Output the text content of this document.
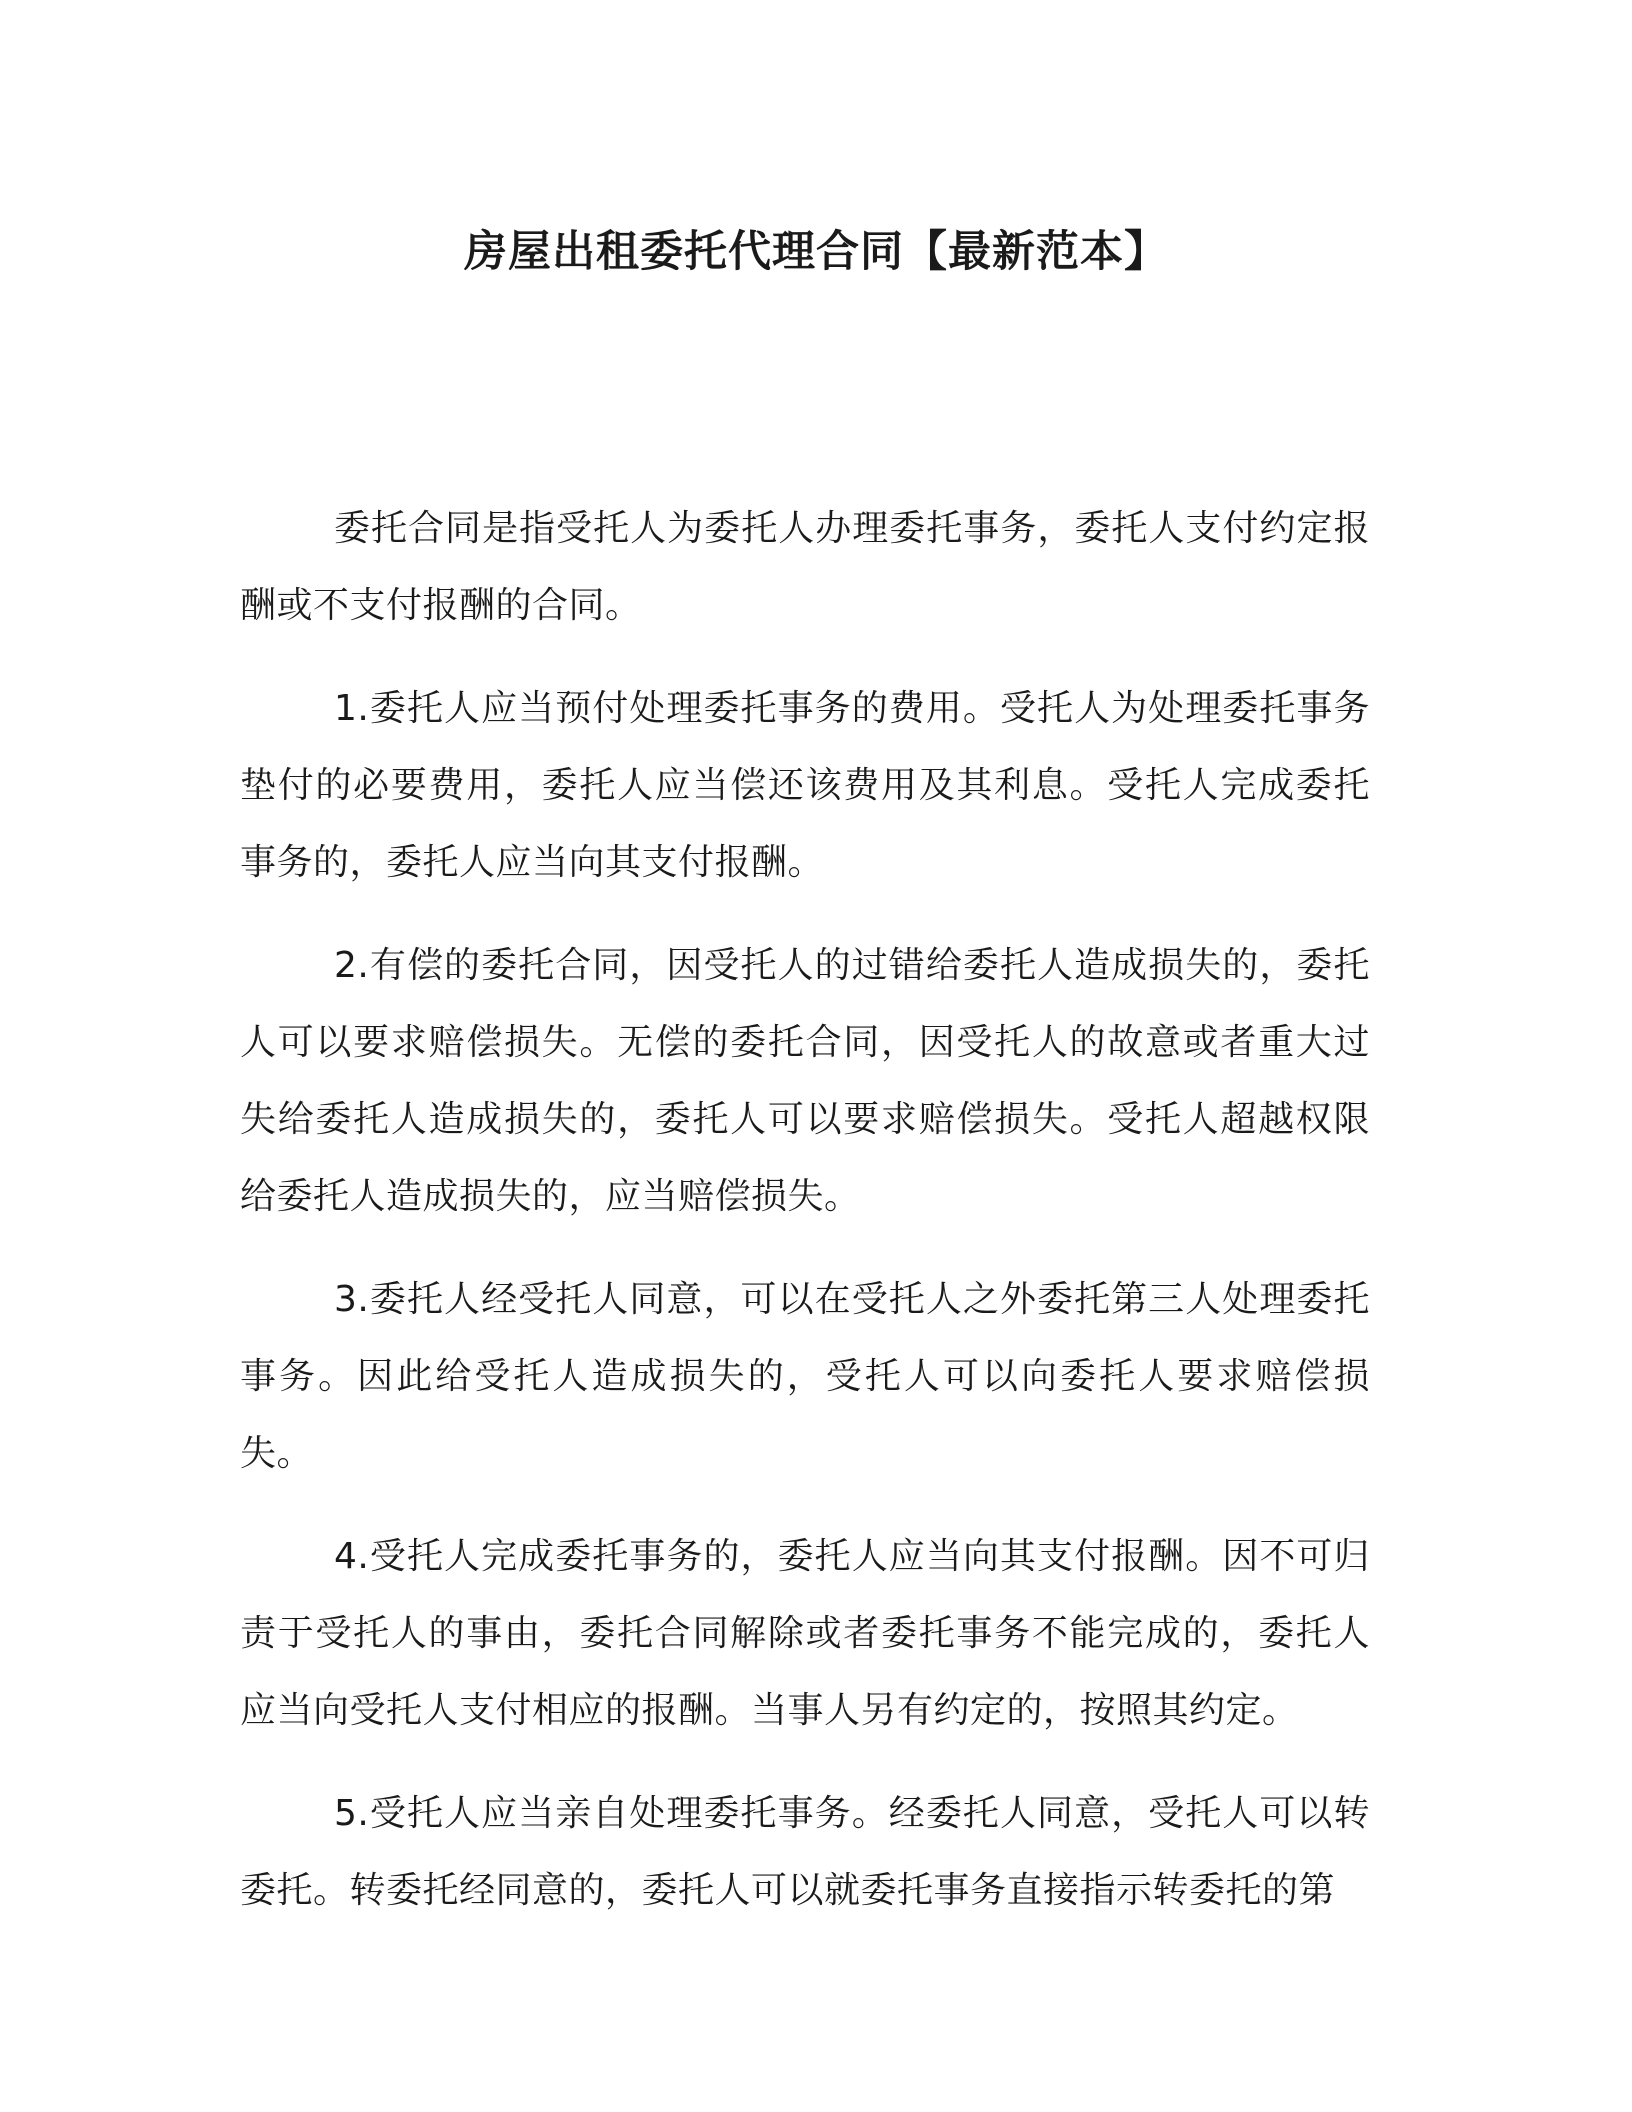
房屋出租委托代理合同【最新范本】

委托合同是指受托人为委托人办理委托事务，委托人支付约定报酬或不支付报酬的合同。

1.委托人应当预付处理委托事务的费用。受托人为处理委托事务垫付的必要费用，委托人应当偿还该费用及其利息。受托人完成委托事务的，委托人应当向其支付报酬。

2.有偿的委托合同，因受托人的过错给委托人造成损失的，委托人可以要求赔偿损失。无偿的委托合同，因受托人的故意或者重大过失给委托人造成损失的，委托人可以要求赔偿损失。受托人超越权限给委托人造成损失的，应当赔偿损失。

3.委托人经受托人同意，可以在受托人之外委托第三人处理委托事务。因此给受托人造成损失的，受托人可以向委托人要求赔偿损失。

4.受托人完成委托事务的，委托人应当向其支付报酬。因不可归责于受托人的事由，委托合同解除或者委托事务不能完成的，委托人应当向受托人支付相应的报酬。当事人另有约定的，按照其约定。

5.受托人应当亲自处理委托事务。经委托人同意，受托人可以转委托。转委托经同意的，委托人可以就委托事务直接指示转委托的第
